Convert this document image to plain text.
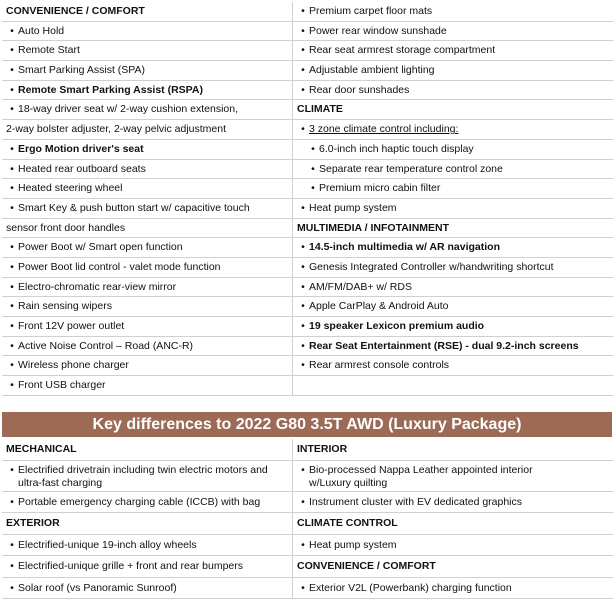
CONVENIENCE / COMFORT
• Auto Hold
• Remote Start
• Smart Parking Assist (SPA)
• Remote Smart Parking Assist (RSPA)
• 18-way driver seat w/ 2-way cushion extension,
2-way bolster adjuster, 2-way pelvic adjustment
• Ergo Motion driver's seat
• Heated rear outboard seats
• Heated steering wheel
• Smart Key & push button start w/ capacitive touch
sensor front door handles
• Power Boot w/ Smart open function
• Power Boot lid control - valet mode function
• Electro-chromatic rear-view mirror
• Rain sensing wipers
• Front 12V power outlet
• Active Noise Control – Road (ANC-R)
• Wireless phone charger
• Front USB charger

• Premium carpet floor mats
• Power rear window sunshade
• Rear seat armrest storage compartment
• Adjustable ambient lighting
• Rear door sunshades
CLIMATE
• 3 zone climate control including:
• 6.0-inch inch haptic touch display
• Separate rear temperature control zone
• Premium micro cabin filter
• Heat pump system
MULTIMEDIA / INFOTAINMENT
• 14.5-inch multimedia w/ AR navigation
• Genesis Integrated Controller w/handwriting shortcut
• AM/FM/DAB+ w/ RDS
• Apple CarPlay & Android Auto
• 19 speaker Lexicon premium audio
• Rear Seat Entertainment (RSE) - dual 9.2-inch screens
• Rear armrest console controls
Key differences to 2022 G80 3.5T AWD (Luxury Package)
MECHANICAL
• Electrified drivetrain including twin electric motors and ultra-fast charging
• Portable emergency charging cable (ICCB) with bag
EXTERIOR
• Electrified-unique 19-inch alloy wheels
• Electrified-unique grille + front and rear bumpers
• Solar roof (vs Panoramic Sunroof)

INTERIOR
• Bio-processed Nappa Leather appointed interior w/Luxury quilting
• Instrument cluster with EV dedicated graphics
CLIMATE CONTROL
• Heat pump system
CONVENIENCE / COMFORT
• Exterior V2L (Powerbank) charging function
